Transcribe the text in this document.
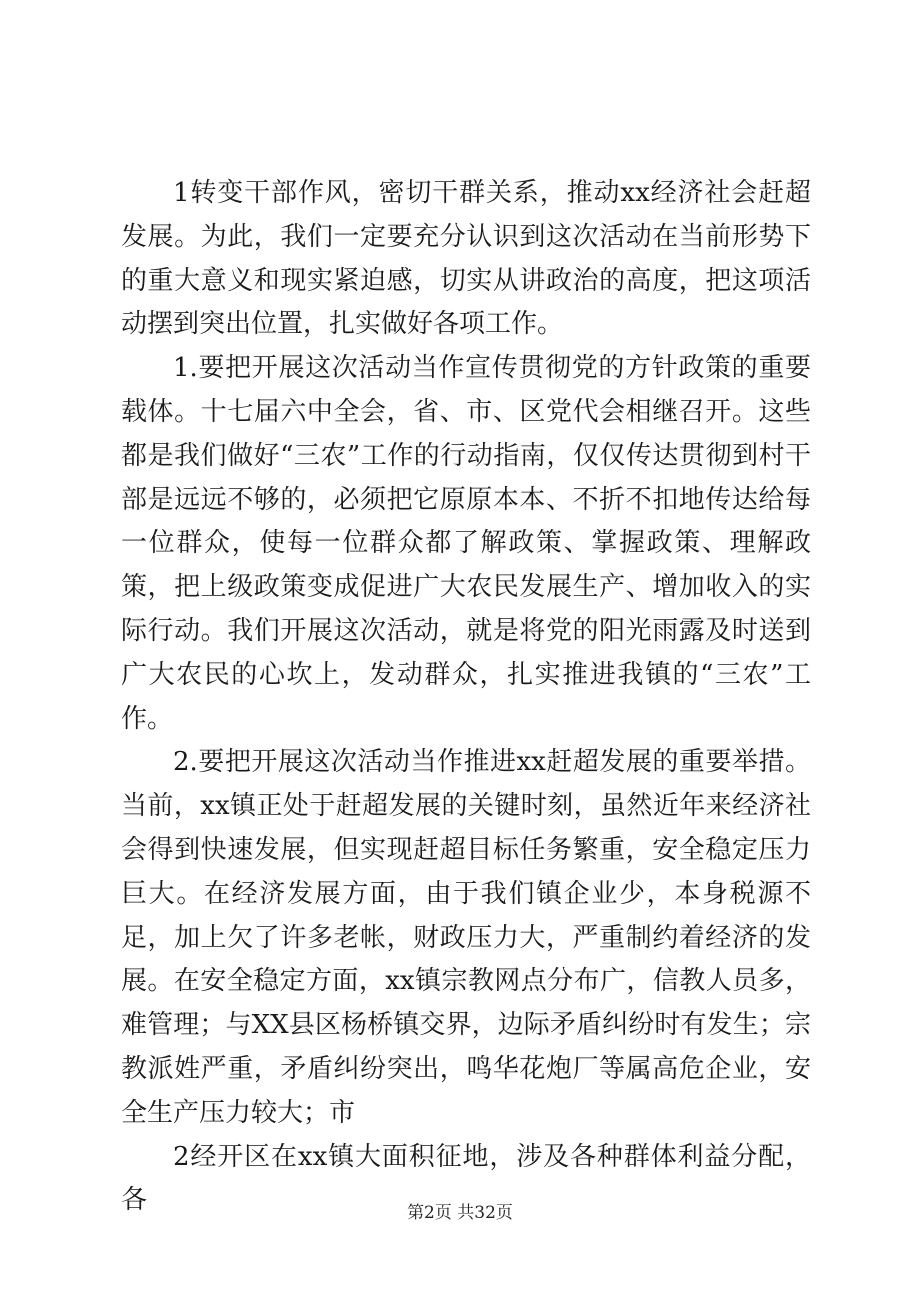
1转变干部作风，密切干群关系，推动xx经济社会赶超发展。为此，我们一定要充分认识到这次活动在当前形势下的重大意义和现实紧迫感，切实从讲政治的高度，把这项活动摆到突出位置，扎实做好各项工作。

1.要把开展这次活动当作宣传贯彻党的方针政策的重要载体。十七届六中全会，省、市、区党代会相继召开。这些都是我们做好“三农”工作的行动指南，仅仅传达贯彻到村干部是远远不够的，必须把它原原本本、不折不扣地传达给每一位群众，使每一位群众都了解政策、掌握政策、理解政策，把上级政策变成促进广大农民发展生产、增加收入的实际行动。我们开展这次活动，就是将党的阳光雨露及时送到广大农民的心坎上，发动群众，扎实推进我镇的“三农”工作。

2.要把开展这次活动当作推进xx赶超发展的重要举措。当前，xx镇正处于赶超发展的关键时刻，虽然近年来经济社会得到快速发展，但实现赶超目标任务繁重，安全稳定压力巨大。在经济发展方面，由于我们镇企业少，本身税源不足，加上欠了许多老帐，财政压力大，严重制约着经济的发展。在安全稳定方面，xx镇宗教网点分布广，信教人员多，难管理；与XX县区杨桥镇交界，边际矛盾纠纷时有发生；宗教派姓严重，矛盾纠纷突出，鸣华花炮厂等属高危企业，安全生产压力较大；市

2经开区在xx镇大面积征地，涉及各种群体利益分配，各	第2页 共32页
